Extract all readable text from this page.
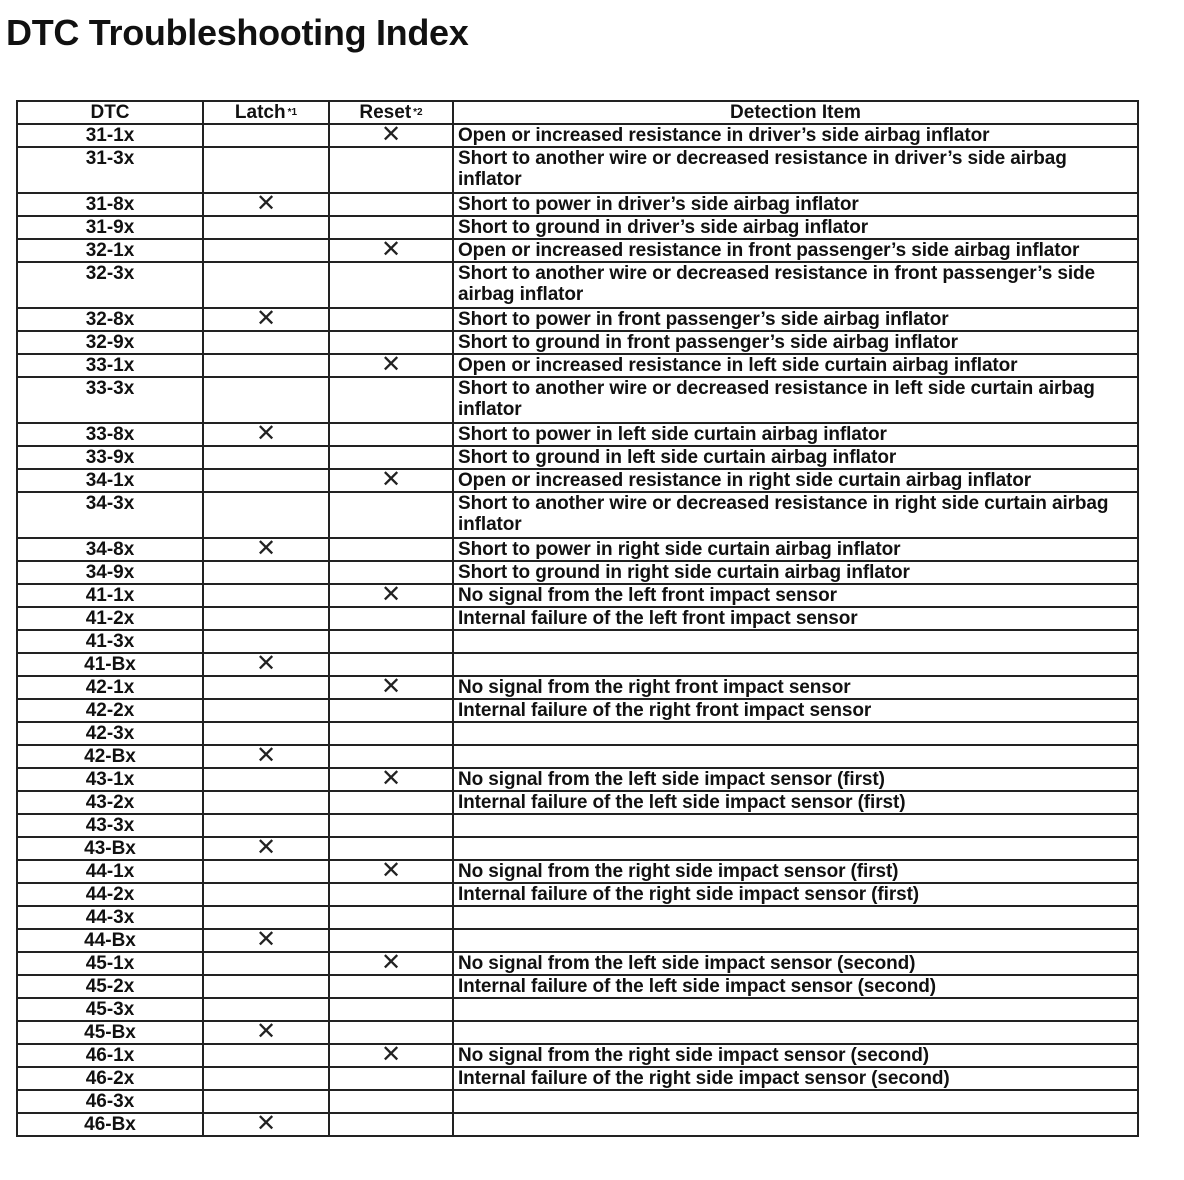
DTC Troubleshooting Index
DTC	Latch $^{*1}$	Reset $^{*2}$	Detection Item
31-1x		✕	Open or increased resistance in driver’s side airbag inflator
31-3x			Short to another wire or decreased resistance in driver’s side airbag inflator
31-8x	✕		Short to power in driver’s side airbag inflator
31-9x			Short to ground in driver’s side airbag inflator
32-1x		✕	Open or increased resistance in front passenger’s side airbag inflator
32-3x			Short to another wire or decreased resistance in front passenger’s side airbag inflator
32-8x	✕		Short to power in front passenger’s side airbag inflator
32-9x			Short to ground in front passenger’s side airbag inflator
33-1x		✕	Open or increased resistance in left side curtain airbag inflator
33-3x			Short to another wire or decreased resistance in left side curtain airbag inflator
33-8x	✕		Short to power in left side curtain airbag inflator
33-9x			Short to ground in left side curtain airbag inflator
34-1x		✕	Open or increased resistance in right side curtain airbag inflator
34-3x			Short to another wire or decreased resistance in right side curtain airbag inflator
34-8x	✕		Short to power in right side curtain airbag inflator
34-9x			Short to ground in right side curtain airbag inflator
41-1x		✕	No signal from the left front impact sensor
41-2x			Internal failure of the left front impact sensor
41-3x			
41-Bx	✕		
42-1x		✕	No signal from the right front impact sensor
42-2x			Internal failure of the right front impact sensor
42-3x			
42-Bx	✕		
43-1x		✕	No signal from the left side impact sensor (first)
43-2x			Internal failure of the left side impact sensor (first)
43-3x			
43-Bx	✕		
44-1x		✕	No signal from the right side impact sensor (first)
44-2x			Internal failure of the right side impact sensor (first)
44-3x			
44-Bx	✕		
45-1x		✕	No signal from the left side impact sensor (second)
45-2x			Internal failure of the left side impact sensor (second)
45-3x			
45-Bx	✕		
46-1x		✕	No signal from the right side impact sensor (second)
46-2x			Internal failure of the right side impact sensor (second)
46-3x			
46-Bx	✕		
